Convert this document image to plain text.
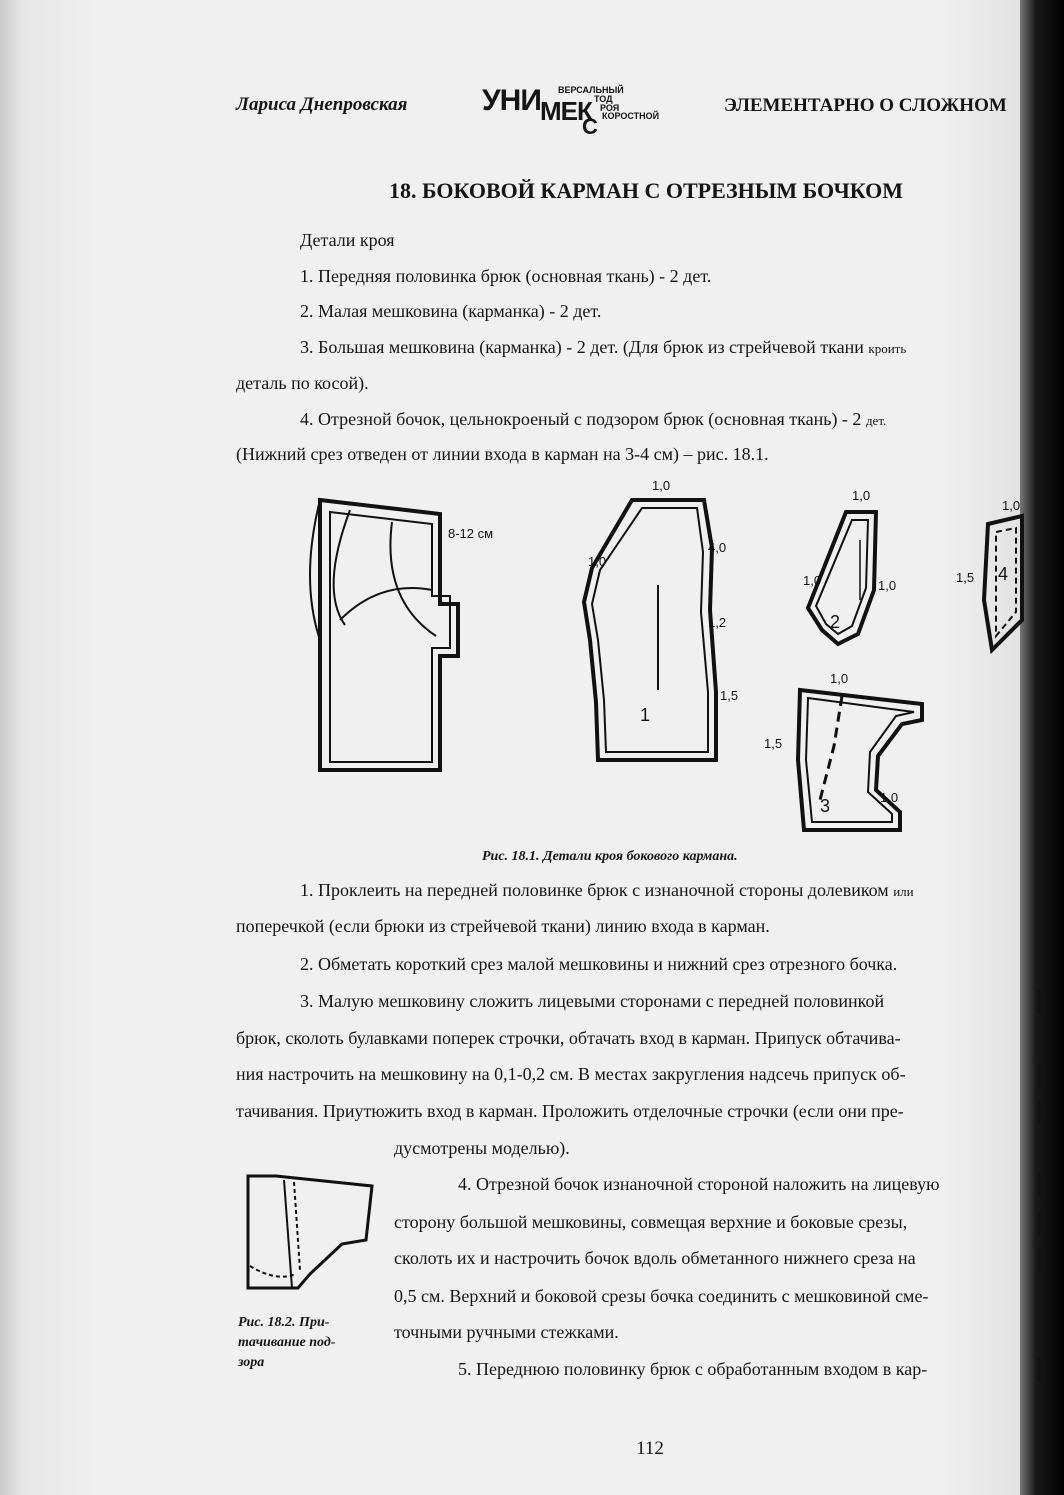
Лариса Днепровская УНИ МЕК
ВЕРСАЛЬНЫЙ
ТОД
РОЯ
КОРОСТНОЙ
С
ЭЛЕМЕНТАРНО О СЛОЖНОМ
18. БОКОВОЙ КАРМАН С ОТРЕЗНЫМ БОЧКОМ
Детали кроя
1. Передняя половинка брюк (основная ткань) - 2 дет.
2. Малая мешковина (карманка) - 2 дет.
3. Большая мешковина (карманка) - 2 дет. (Для брюк из стрейчевой ткани кроить
деталь по косой).
4. Отрезной бочок, цельнокроеный с подзором брюк (основная ткань) - 2 дет.
(Нижний срез отведен от линии входа в карман на 3-4 см) – рис. 18.1.
8-12 см
1,0
1,0
4,0
1,2
1,5
1
1,0
1,0	1,0
2
1,0
1,5 4
1,0
1,5
1,0
3
Рис. 18.1. Детали кроя бокового кармана.
1. Проклеить на передней половинке брюк с изнаночной стороны долевиком или
поперечкой (если брюки из стрейчевой ткани) линию входа в карман.
2. Обметать короткий срез малой мешковины и нижний срез отрезного бочка.
3. Малую мешковину сложить лицевыми сторонами с передней половинкой
брюк, сколоть булавками поперек строчки, обтачать вход в карман. Припуск обтачива-
ния настрочить на мешковину на 0,1-0,2 см. В местах закругления надсечь припуск об-
тачивания. Приутюжить вход в карман. Проложить отделочные строчки (если они пре-
дусмотрены моделью).
Рис. 18.2. При-
тачивание под-
зора
4. Отрезной бочок изнаночной стороной наложить на лицевую
сторону большой мешковины, совмещая верхние и боковые срезы,
сколоть их и настрочить бочок вдоль обметанного нижнего среза на
0,5 см. Верхний и боковой срезы бочка соединить с мешковиной сме-
точными ручными стежками.
5. Переднюю половинку брюк с обработанным входом в кар-
112
